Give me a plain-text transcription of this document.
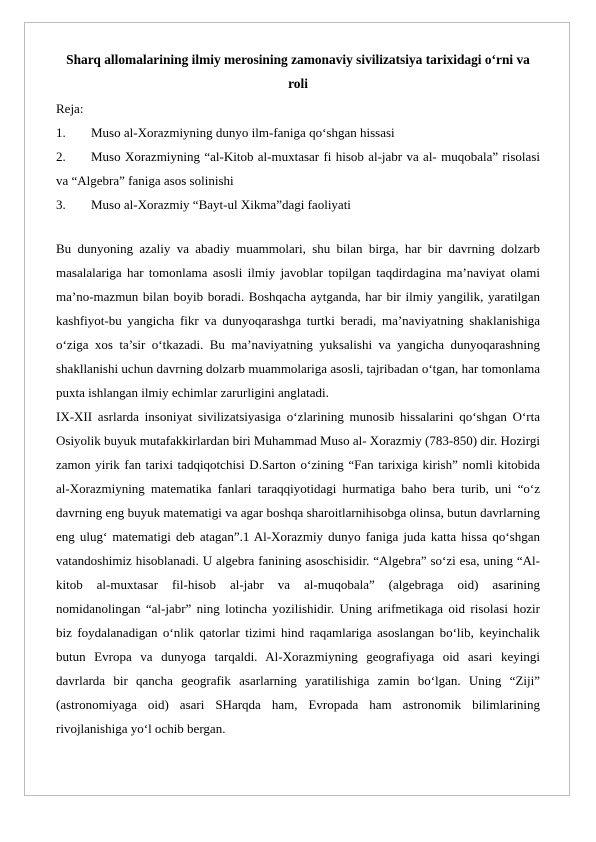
Sharq allomalarining ilmiy merosining zamonaviy sivilizatsiya tarixidagi o‘rni va roli

Reja:
1. Muso al-Xorazmiyning dunyo ilm-faniga qo‘shgan hissasi
2. Muso Xorazmiyning “al-Kitob al-muxtasar fi hisob al-jabr va al- muqobala” risolasi va “Algebra” faniga asos solinishi
3. Muso al-Xorazmiy “Bayt-ul Xikma”dagi faoliyati

Bu dunyoning azaliy va abadiy muammolari, shu bilan birga, har bir davrning dolzarb masalalariga har tomonlama asosli ilmiy javoblar topilgan taqdirdagina ma’naviyat olami ma’no-mazmun bilan boyib boradi. Boshqacha aytganda, har bir ilmiy yangilik, yaratilgan kashfiyot-bu yangicha fikr va dunyoqarashga turtki beradi, ma’naviyatning shaklanishiga o‘ziga xos ta’sir o‘tkazadi. Bu ma’naviyatning yuksalishi va yangicha dunyoqarashning shakllanishi uchun davrning dolzarb muammolariga asosli, tajribadan o‘tgan, har tomonlama puxta ishlangan ilmiy echimlar zarurligini anglatadi.

IX-XII asrlarda insoniyat sivilizatsiyasiga o‘zlarining munosib hissalarini qo‘shgan O‘rta Osiyolik buyuk mutafakkirlardan biri Muhammad Muso al- Xorazmiy (783-850) dir. Hozirgi zamon yirik fan tarixi tadqiqotchisi D.Sarton o‘zining “Fan tarixiga kirish” nomli kitobida al-Xorazmiyning matematika fanlari taraqqiyotidagi hurmatiga baho bera turib, uni “o‘z davrning eng buyuk matematigi va agar boshqa sharoitlarnihisobga olinsa, butun davrlarning eng ulug‘ matematigi deb atagan”.1 Al-Xorazmiy dunyo faniga juda katta hissa qo‘shgan vatandoshimiz hisoblanadi. U algebra fanining asoschisidir. “Algebra” so‘zi esa, uning “Al-kitob al-muxtasar fil-hisob al-jabr va al-muqobala” (algebraga oid) asarining nomidanolingan “al-jabr” ning lotincha yozilishidir. Uning arifmetikaga oid risolasi hozir biz foydalanadigan o‘nlik qatorlar tizimi hind raqamlariga asoslangan bo‘lib, keyinchalik butun Evropa va dunyoga tarqaldi. Al-Xorazmiyning geografiyaga oid asari keyingi davrlarda bir qancha geografik asarlarning yaratilishiga zamin bo‘lgan. Uning “Ziji” (astronomiyaga oid) asari SHarqda ham, Evropada ham astronomik bilimlarining rivojlanishiga yo‘l ochib bergan.
